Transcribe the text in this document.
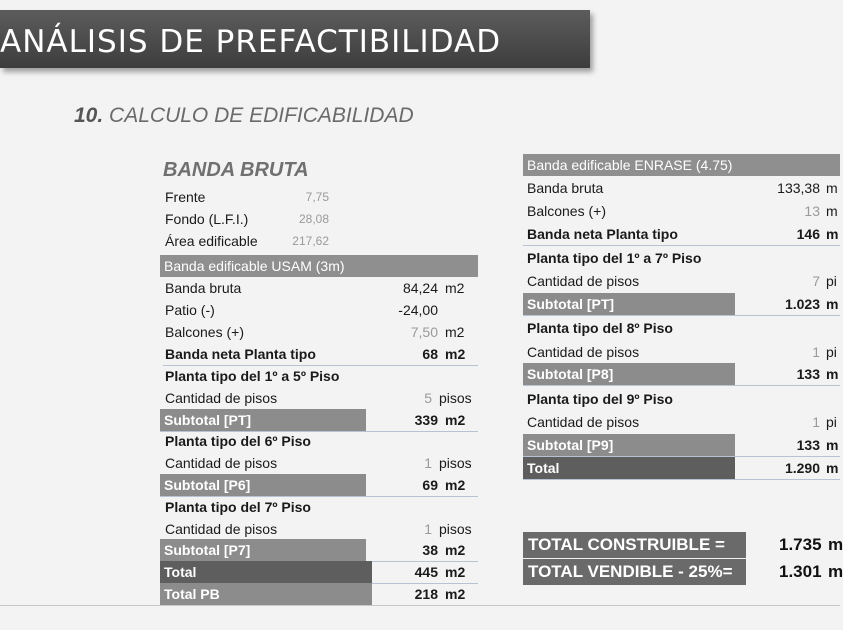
ANÁLISIS DE PREFACTIBILIDAD
10. CALCULO DE EDIFICABILIDAD
BANDA BRUTA
Frente	7,75
Fondo (L.F.I.)	28,08
Área edificable	217,62
Banda edificable USAM (3m)
Banda bruta	84,24 m2
Patio (-)	-24,00
Balcones (+)	7,50 m2
Banda neta Planta tipo	68 m2
Planta tipo del 1º a 5º Piso
Cantidad de pisos	5 pisos
Subtotal [PT]	339 m2
Planta tipo del 6º Piso
Cantidad de pisos	1 pisos
Subtotal [P6]	69 m2
Planta tipo del 7º Piso
Cantidad de pisos	1 pisos
Subtotal [P7]	38 m2
Total	445 m2
Total PB	218 m2
Banda edificable ENRASE (4.75)
Banda bruta	133,38 m
Balcones (+)	13 m
Banda neta Planta tipo	146 m
Planta tipo del 1º a 7º Piso
Cantidad de pisos	7 pi
Subtotal [PT]	1.023 m
Planta tipo del 8º Piso
Cantidad de pisos	1 pi
Subtotal [P8]	133 m
Planta tipo del 9º Piso
Cantidad de pisos	1 pi
Subtotal [P9]	133 m
Total	1.290 m
TOTAL CONSTRUIBLE =	1.735 m
TOTAL VENDIBLE - 25%=	1.301 m
